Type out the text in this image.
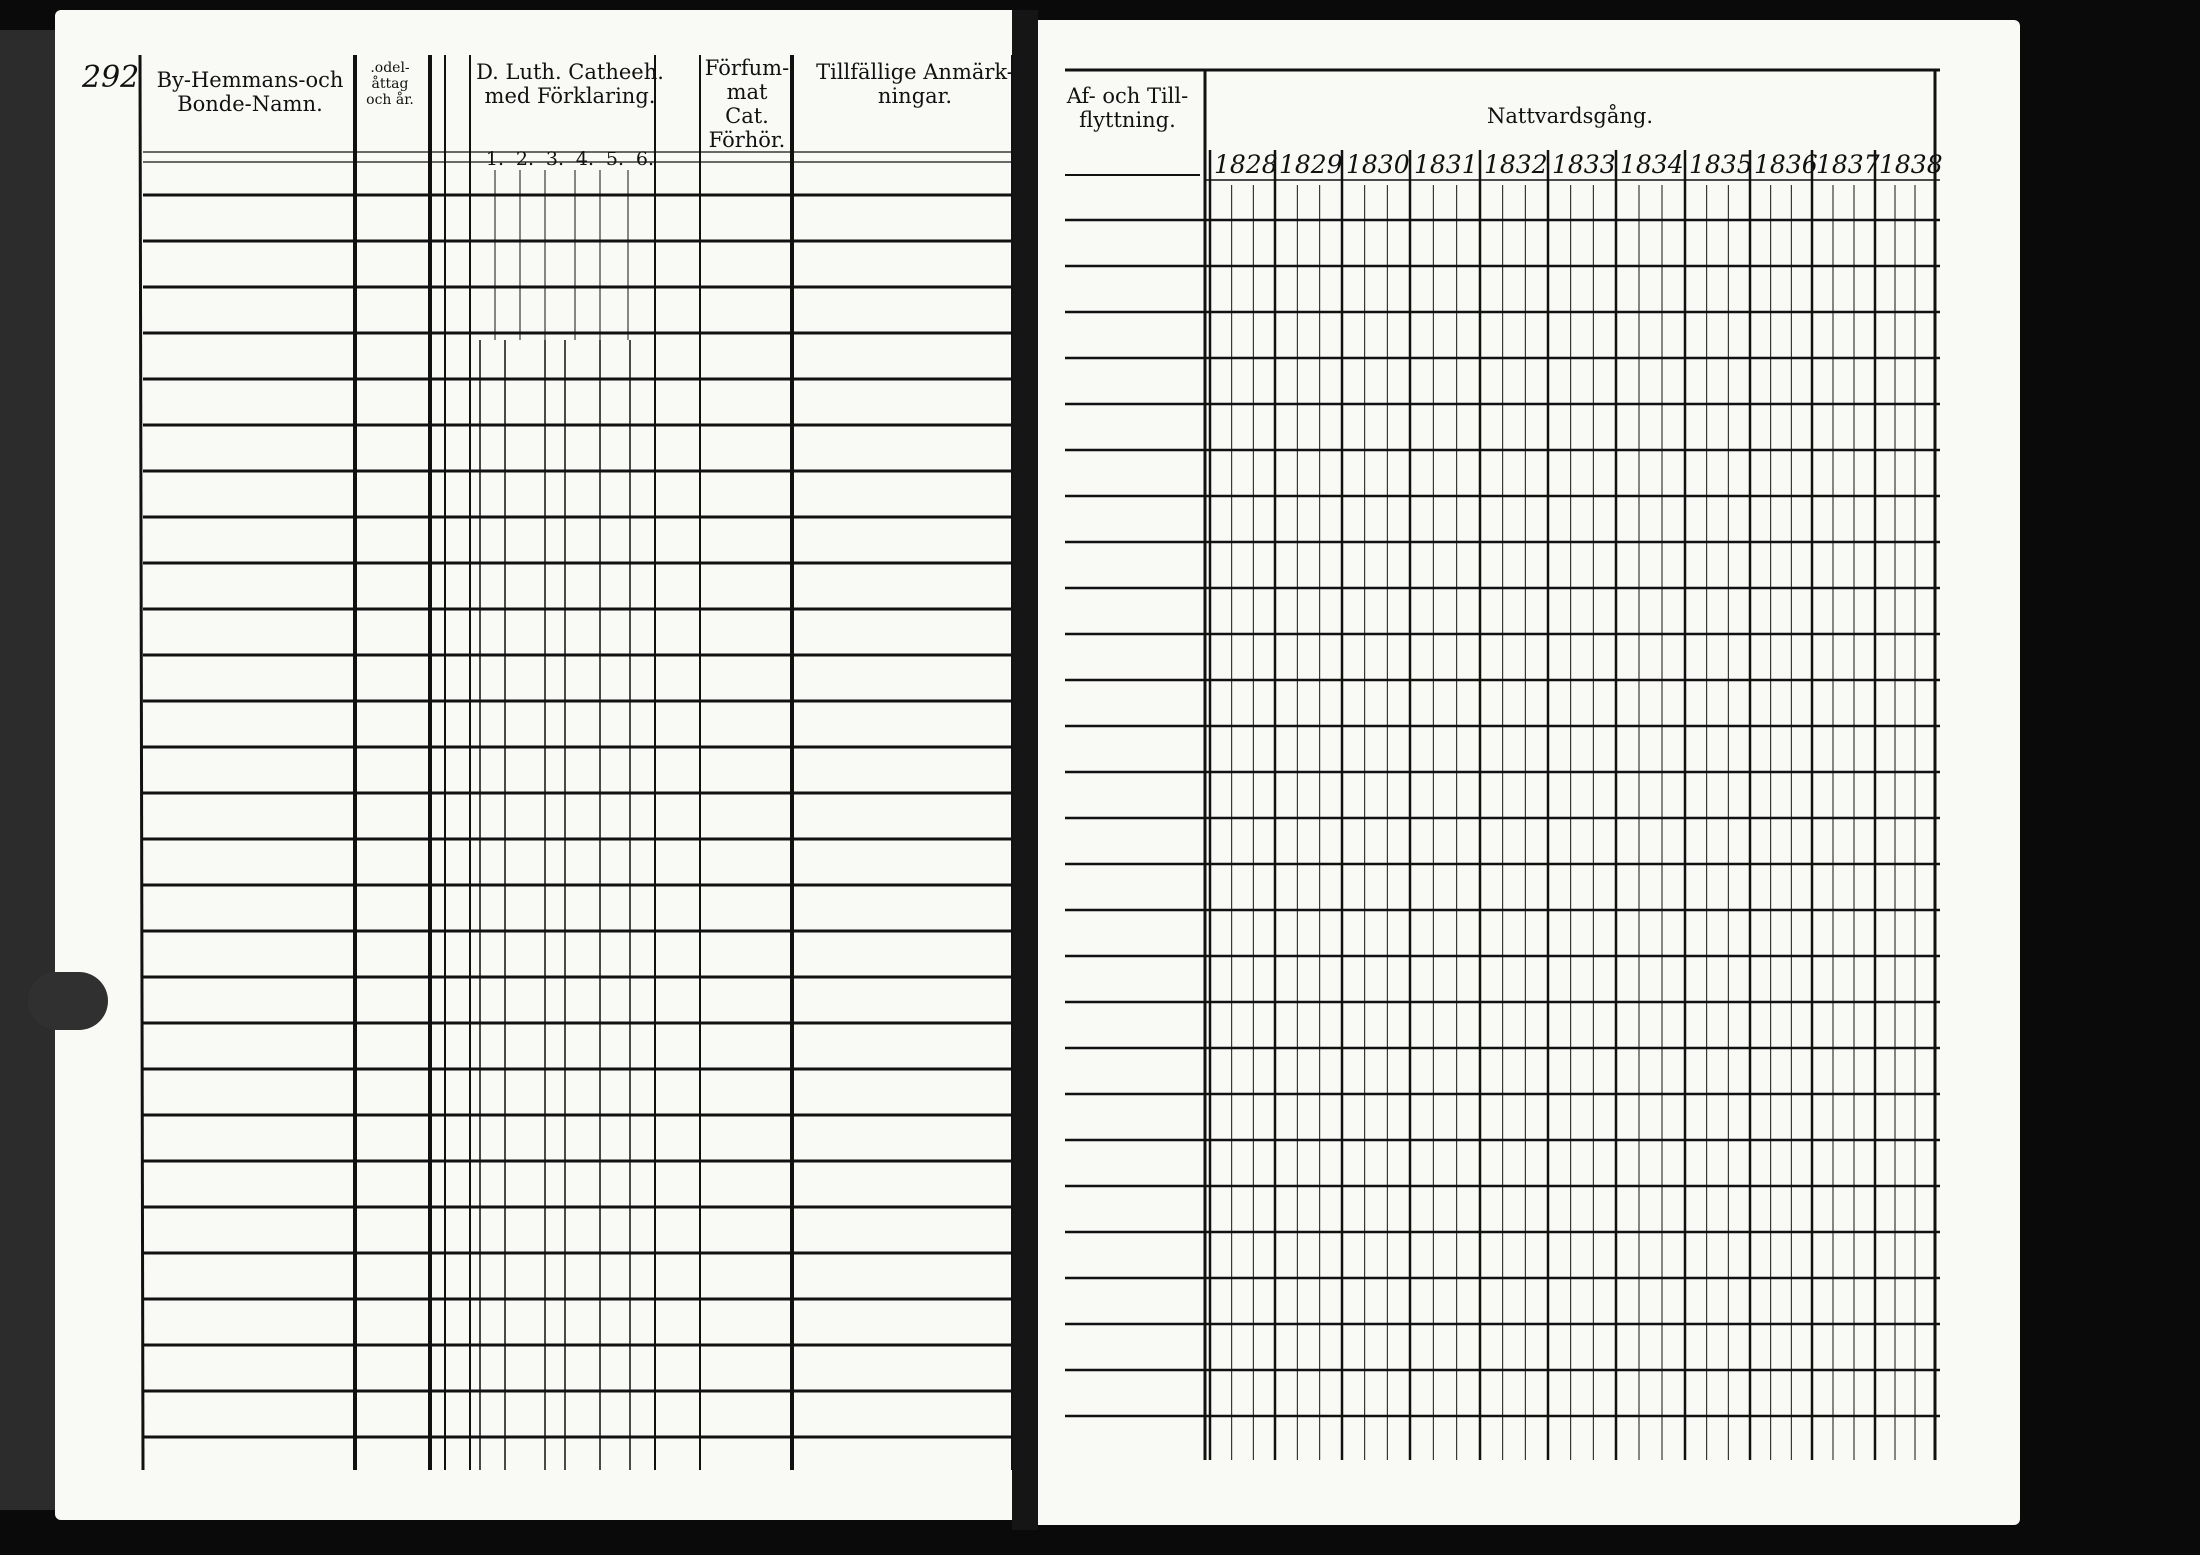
292 By-Hemmans-och Bonde-Namn.
.odel- åttag och år.
D. Luth. Catheeh. med Förklaring.
1. 2. 3. 4. 5. 6.
Förfum-mat Cat. Förhör.
Tillfällige Anmärk-ningar.	Af- och Till-flyttning.	Nattvardsgång.
1828 1829 1830 1831 1832 1833 1834 1835 1836
1837 1838
